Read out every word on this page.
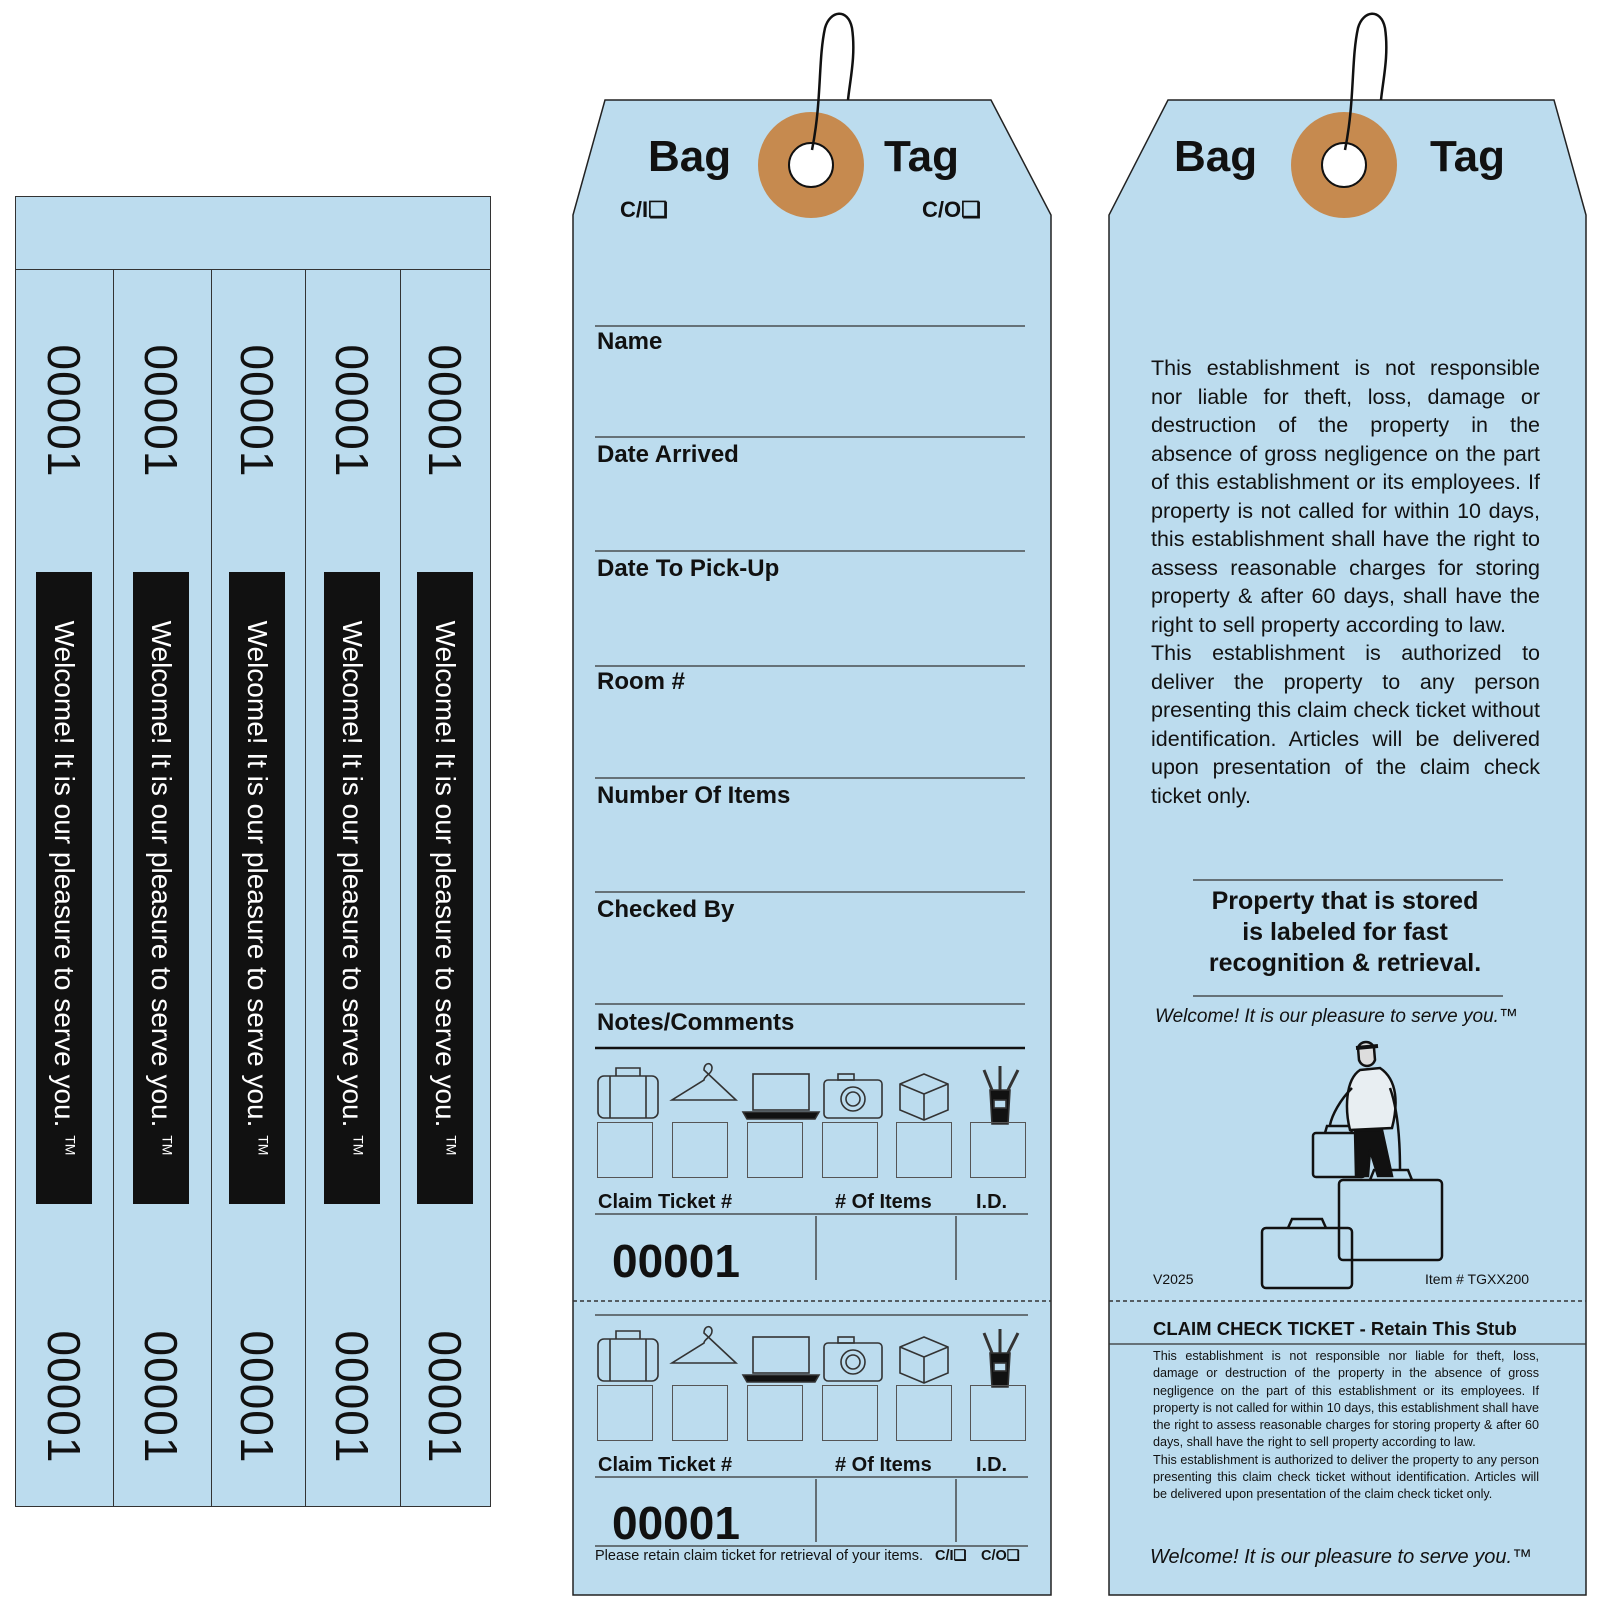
00001
Welcome! It is our pleasure to serve you. ™
00001
00001
Welcome! It is our pleasure to serve you. ™
00001
00001
Welcome! It is our pleasure to serve you. ™
00001
00001
Welcome! It is our pleasure to serve you. ™
00001
00001
Welcome! It is our pleasure to serve you. ™
00001
Bag	Tag
C/I❏	C/O❏
Name
Date Arrived
Date To Pick-Up
Room #
Number Of Items
Checked By
Notes/Comments
Claim Ticket #	# Of Items I.D.
00001
Claim Ticket #	# Of Items I.D.
00001
Please retain claim ticket for retrieval of your items. C/I❏ C/O❏
Bag	Tag

This establishment is not responsible nor liable for theft, loss, damage or destruction of the property in the absence of gross negligence on the part of this establishment or its employees. If property is not called for within 10 days, this establishment shall have the right to assess reasonable charges for storing property & after 60 days, shall have the right to sell property according to law.

This establishment is authorized to deliver the property to any person presenting this claim check ticket without identification. Articles will be delivered upon presentation of the claim check ticket only.

Property that is stored
is labeled for fast
recognition & retrieval.
Welcome! It is our pleasure to serve you.™
V2025	Item # TGXX200
CLAIM CHECK TICKET - Retain This Stub

This establishment is not responsible nor liable for theft, loss, damage or destruction of the property in the absence of gross negligence on the part of this establishment or its employees. If property is not called for within 10 days, this establishment shall have the right to assess reasonable charges for storing property & after 60 days, shall have the right to sell property according to law.

This establishment is authorized to deliver the property to any person presenting this claim check ticket without identification. Articles will be delivered upon presentation of the claim check ticket only.

Welcome! It is our pleasure to serve you.™
